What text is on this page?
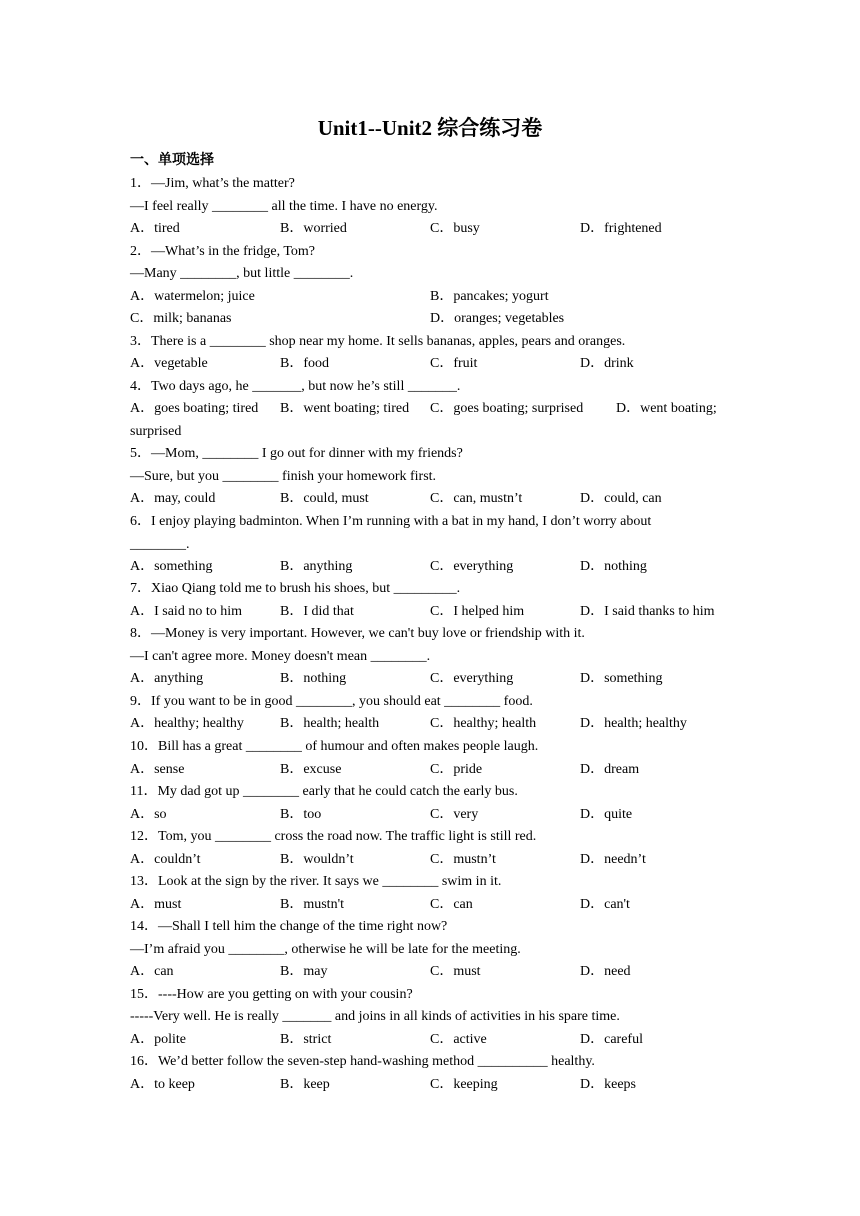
Unit1--Unit2 综合练习卷
一、单项选择
1．—Jim, what’s the matter?
—I feel really ________ all the time. I have no energy.
A．tired	B．worried	C．busy	D．frightened
2．—What’s in the fridge, Tom?
—Many ________, but little ________.
A．watermelon; juice	B．pancakes; yogurt
C．milk; bananas	D．oranges; vegetables
3．There is a ________ shop near my home. It sells bananas, apples, pears and oranges.
A．vegetable	B．food	C．fruit	D．drink
4．Two days ago, he _______, but now he’s still _______.
A．goes boating; tired B．went boating; tired C．goes boating; surprised D．went boating;
surprised
5．—Mom, ________ I go out for dinner with my friends?
—Sure, but you ________ finish your homework first.
A．may, could	B．could, must	C．can, mustn’t	D．could, can
6．I enjoy playing badminton. When I’m running with a bat in my hand, I don’t worry about
________.
A．something	B．anything	C．everything	D．nothing
7．Xiao Qiang told me to brush his shoes, but _________.
A．I said no to him	B．I did that	C．I helped him	D．I said thanks to him
8．—Money is very important. However, we can't buy love or friendship with it.
—I can't agree more. Money doesn't mean ________.
A．anything	B．nothing	C．everything	D．something
9．If you want to be in good ________, you should eat ________ food.
A．healthy; healthy	B．health; health	C．healthy; health	D．health; healthy
10．Bill has a great ________ of humour and often makes people laugh.
A．sense	B．excuse	C．pride	D．dream
11．My dad got up ________ early that he could catch the early bus.
A．so	B．too	C．very	D．quite
12．Tom, you ________ cross the road now. The traffic light is still red.
A．couldn’t	B．wouldn’t	C．mustn’t	D．needn’t
13．Look at the sign by the river. It says we ________ swim in it.
A．must	B．mustn't	C．can	D．can't
14．—Shall I tell him the change of the time right now?
—I’m afraid you ________, otherwise he will be late for the meeting.
A．can	B．may	C．must	D．need
15．----How are you getting on with your cousin?
-----Very well. He is really _______ and joins in all kinds of activities in his spare time.
A．polite	B．strict	C．active	D．careful
16．We’d better follow the seven-step hand-washing method __________ healthy.
A．to keep	B．keep	C．keeping	D．keeps
